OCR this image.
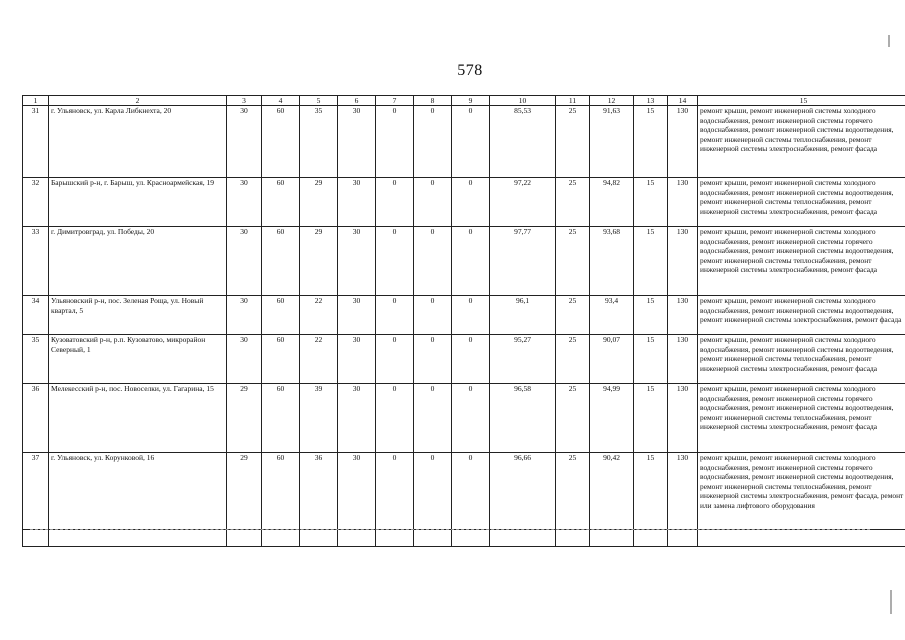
578
1	2	3	4	5	6	7	8	9	10	11	12	13	14	15
31	г. Ульяновск, ул. Карла Либкнехта, 20	30	60	35	30	0	0	0	85,53	25	91,63	15	130	ремонт крыши, ремонт инженерной системы холодного водоснабжения, ремонт инженерной системы горячего водоснабжения, ремонт инженерной системы водоотведения, ремонт инженерной системы теплоснабжения, ремонт инженерной системы электроснабжения, ремонт фасада
32	Барышский р-н, г. Барыш, ул. Красноармейская, 19	30	60	29	30	0	0	0	97,22	25	94,82	15	130	ремонт крыши, ремонт инженерной системы холодного водоснабжения, ремонт инженерной системы водоотведения, ремонт инженерной системы теплоснабжения, ремонт инженерной системы электроснабжения, ремонт фасада
33	г. Димитровград, ул. Победы, 20	30	60	29	30	0	0	0	97,77	25	93,68	15	130	ремонт крыши, ремонт инженерной системы холодного водоснабжения, ремонт инженерной системы горячего водоснабжения, ремонт инженерной системы водоотведения, ремонт инженерной системы теплоснабжения, ремонт инженерной системы электроснабжения, ремонт фасада
34	Ульяновский р-н, пос. Зеленая Роща, ул. Новый квартал, 5	30	60	22	30	0	0	0	96,1	25	93,4	15	130	ремонт крыши, ремонт инженерной системы холодного водоснабжения, ремонт инженерной системы водоотведения, ремонт инженерной системы электроснабжения, ремонт фасада
35	Кузоватовский р-н, р.п. Кузоватово, микрорайон Северный, 1	30	60	22	30	0	0	0	95,27	25	90,07	15	130	ремонт крыши, ремонт инженерной системы холодного водоснабжения, ремонт инженерной системы водоотведения, ремонт инженерной системы теплоснабжения, ремонт инженерной системы электроснабжения, ремонт фасада
36	Мелекесский р-н, пос. Новоселки, ул. Гагарина, 15	29	60	39	30	0	0	0	96,58	25	94,99	15	130	ремонт крыши, ремонт инженерной системы холодного водоснабжения, ремонт инженерной системы горячего водоснабжения, ремонт инженерной системы водоотведения, ремонт инженерной системы теплоснабжения, ремонт инженерной системы электроснабжения, ремонт фасада
37	г. Ульяновск, ул. Корунковой, 16	29	60	36	30	0	0	0	96,66	25	90,42	15	130	ремонт крыши, ремонт инженерной системы холодного водоснабжения, ремонт инженерной системы горячего водоснабжения, ремонт инженерной системы водоотведения, ремонт инженерной системы теплоснабжения, ремонт инженерной системы электроснабжения, ремонт фасада, ремонт или замена лифтового оборудования
